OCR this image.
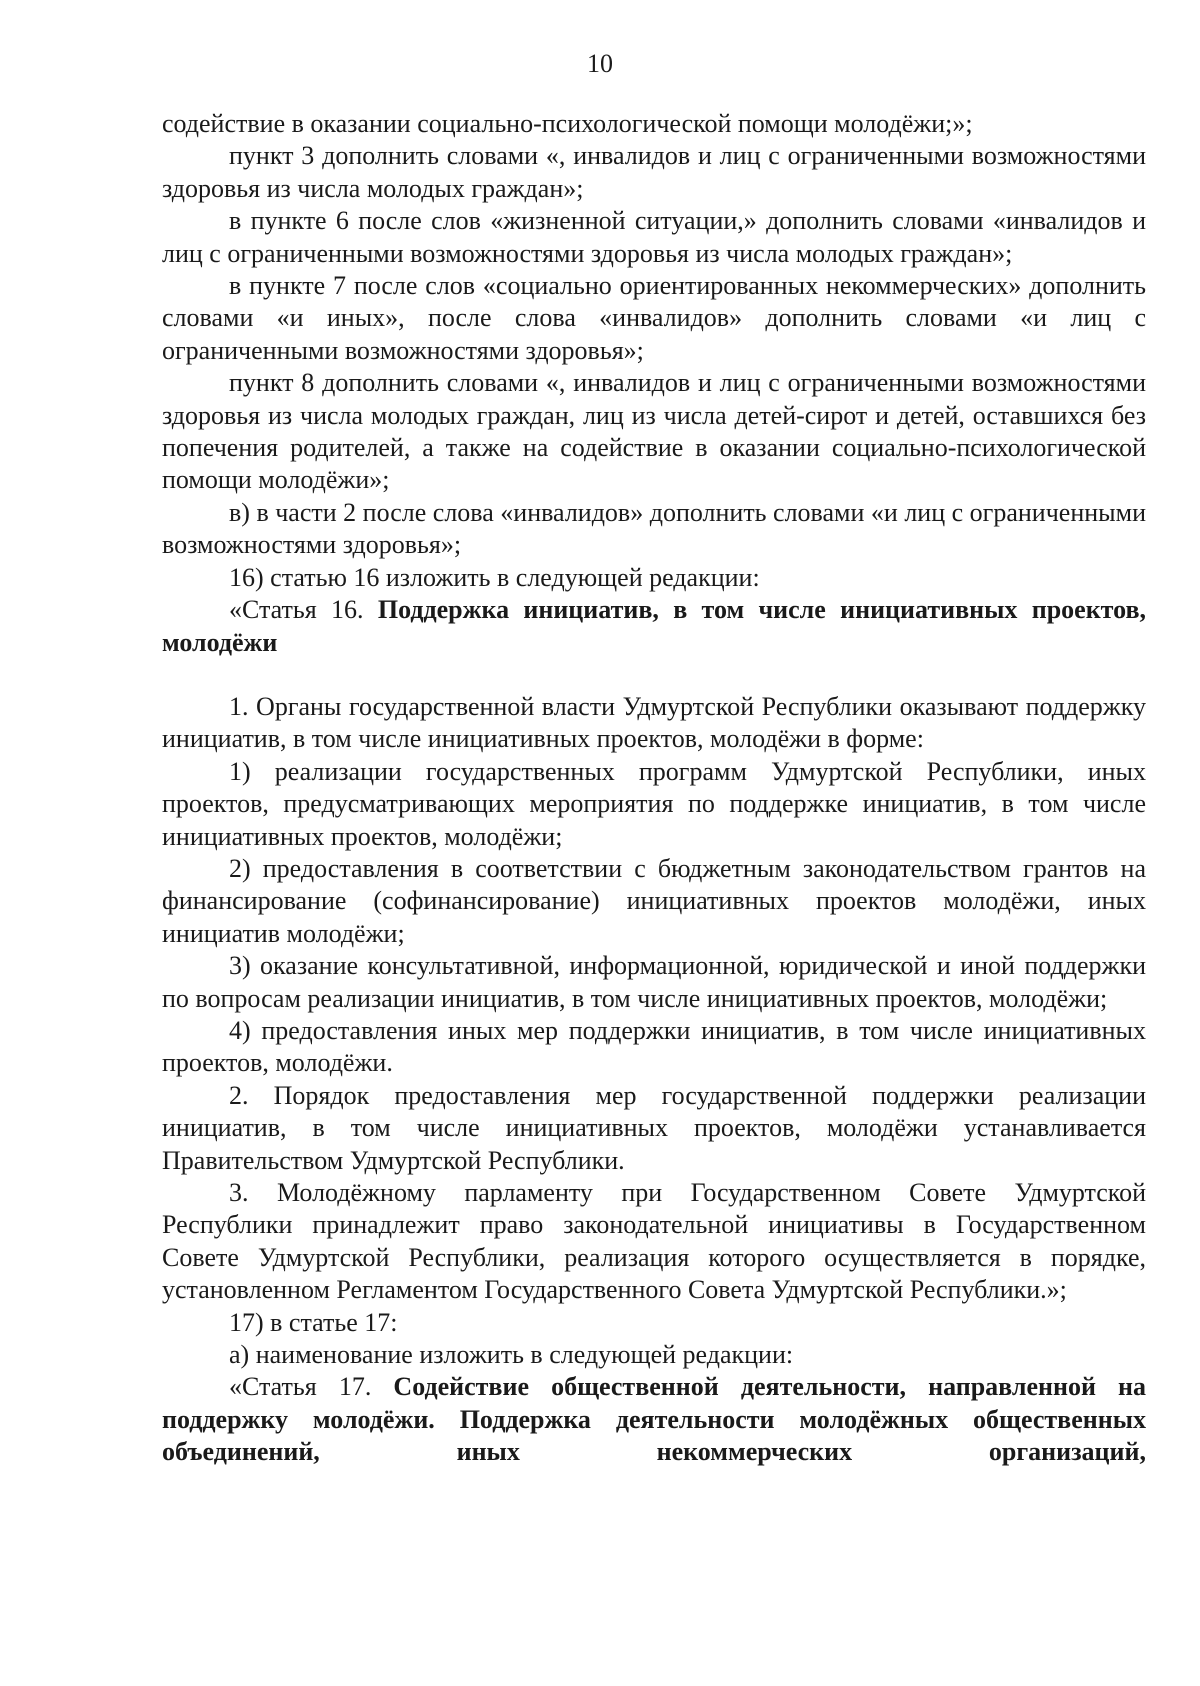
10

содействие в оказании социально-психологической помощи молодёжи;»;

пункт 3 дополнить словами «, инвалидов и лиц с ограниченными возможностями здоровья из числа молодых граждан»;

в пункте 6 после слов «жизненной ситуации,» дополнить словами «инвалидов и лиц с ограниченными возможностями здоровья из числа молодых граждан»;

в пункте 7 после слов «социально ориентированных некоммерческих» дополнить словами «и иных», после слова «инвалидов» дополнить словами «и лиц с ограниченными возможностями здоровья»;

пункт 8 дополнить словами «, инвалидов и лиц с ограниченными возможностями здоровья из числа молодых граждан, лиц из числа детей-сирот и детей, оставшихся без попечения родителей, а также на содействие в оказании социально-психологической помощи молодёжи»;

в) в части 2 после слова «инвалидов» дополнить словами «и лиц с ограниченными возможностями здоровья»;

16) статью 16 изложить в следующей редакции:

«Статья 16. Поддержка инициатив, в том числе инициативных проектов, молодёжи

1. Органы государственной власти Удмуртской Республики оказывают поддержку инициатив, в том числе инициативных проектов, молодёжи в форме:

1) реализации государственных программ Удмуртской Республики, иных проектов, предусматривающих мероприятия по поддержке инициатив, в том числе инициативных проектов, молодёжи;

2) предоставления в соответствии с бюджетным законодательством грантов на финансирование (софинансирование) инициативных проектов молодёжи, иных инициатив молодёжи;

3) оказание консультативной, информационной, юридической и иной поддержки по вопросам реализации инициатив, в том числе инициативных проектов, молодёжи;

4) предоставления иных мер поддержки инициатив, в том числе инициативных проектов, молодёжи.

2. Порядок предоставления мер государственной поддержки реализации инициатив, в том числе инициативных проектов, молодёжи устанавливается Правительством Удмуртской Республики.

3. Молодёжному парламенту при Государственном Совете Удмуртской Республики принадлежит право законодательной инициативы в Государственном Совете Удмуртской Республики, реализация которого осуществляется в порядке, установленном Регламентом Государственного Совета Удмуртской Республики.»;

17) в статье 17:

а) наименование изложить в следующей редакции:

«Статья 17. Содействие общественной деятельности, направленной на поддержку молодёжи. Поддержка деятельности молодёжных общественных объединений, иных некоммерческих организаций,
